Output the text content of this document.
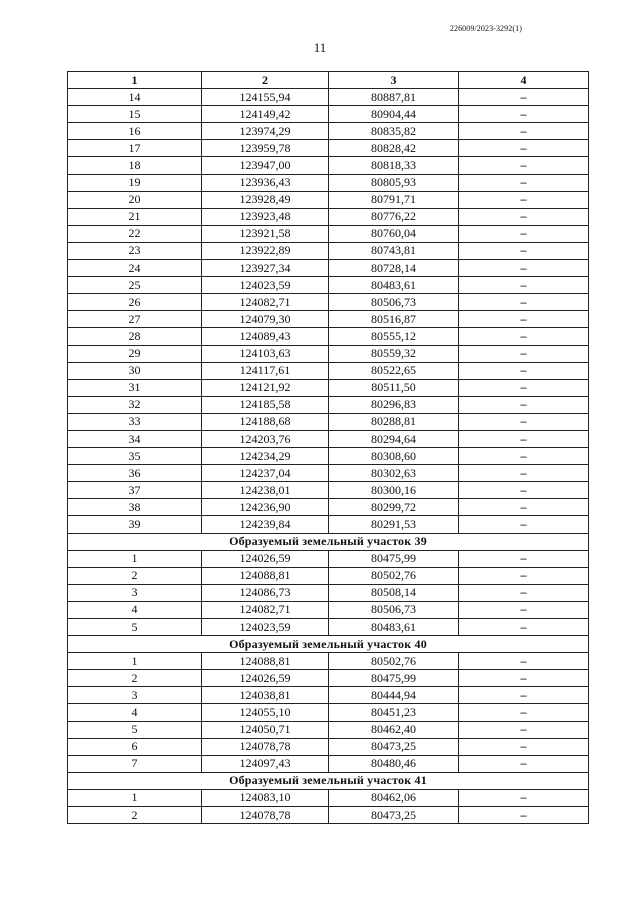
226009/2023-3292(1)
11
1	2	3	4
14	124155,94	80887,81	–
15	124149,42	80904,44	–
16	123974,29	80835,82	–
17	123959,78	80828,42	–
18	123947,00	80818,33	–
19	123936,43	80805,93	–
20	123928,49	80791,71	–
21	123923,48	80776,22	–
22	123921,58	80760,04	–
23	123922,89	80743,81	–
24	123927,34	80728,14	–
25	124023,59	80483,61	–
26	124082,71	80506,73	–
27	124079,30	80516,87	–
28	124089,43	80555,12	–
29	124103,63	80559,32	–
30	124117,61	80522,65	–
31	124121,92	80511,50	–
32	124185,58	80296,83	–
33	124188,68	80288,81	–
34	124203,76	80294,64	–
35	124234,29	80308,60	–
36	124237,04	80302,63	–
37	124238,01	80300,16	–
38	124236,90	80299,72	–
39	124239,84	80291,53	–
Образуемый земельный участок 39			
1	124026,59	80475,99	–
2	124088,81	80502,76	–
3	124086,73	80508,14	–
4	124082,71	80506,73	–
5	124023,59	80483,61	–
Образуемый земельный участок 40			
1	124088,81	80502,76	–
2	124026,59	80475,99	–
3	124038,81	80444,94	–
4	124055,10	80451,23	–
5	124050,71	80462,40	–
6	124078,78	80473,25	–
7	124097,43	80480,46	–
Образуемый земельный участок 41			
1	124083,10	80462,06	–
2	124078,78	80473,25	–
